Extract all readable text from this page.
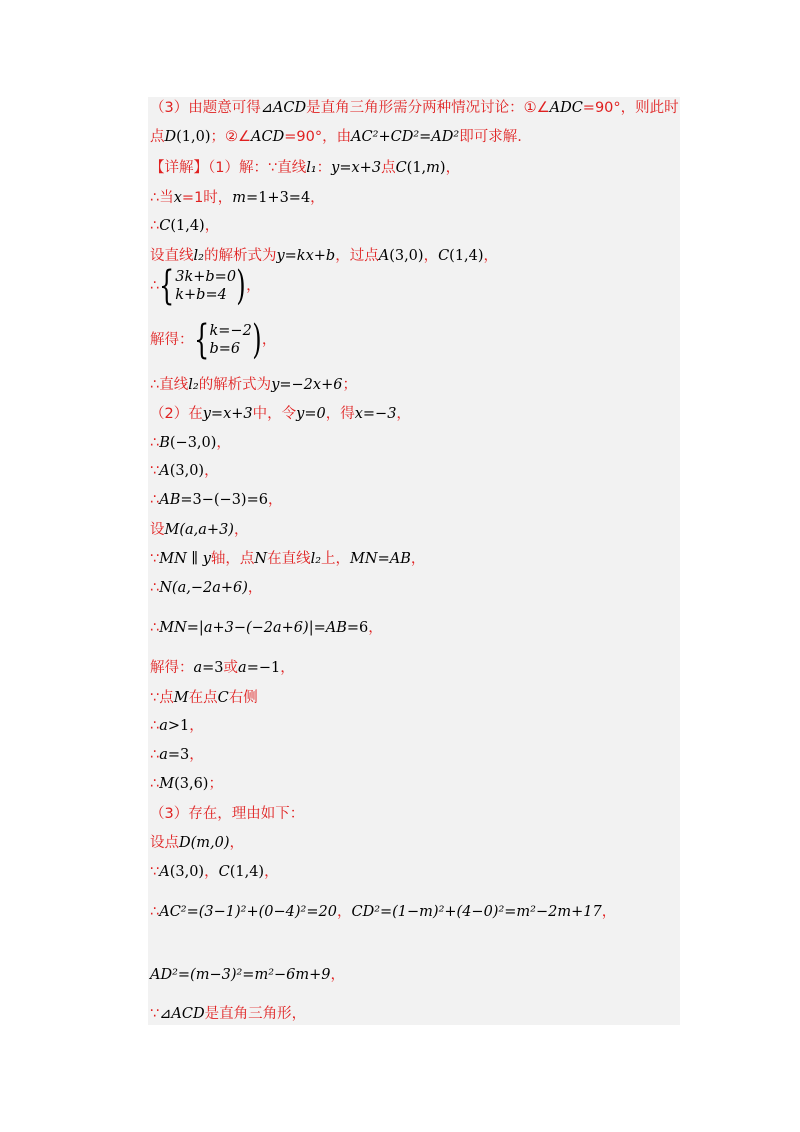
（3）由题意可得⊿ACD是直角三角形需分两种情况讨论：①∠ADC=90°，则此时
点D(1,0)；②∠ACD=90°，由AC²+CD²=AD²即可求解.
【详解】（1）解：∵直线l₁：y=x+3点C(1,m)，
∴当x=1时，m=1+3=4，
∴C(1,4)，
设直线l₂的解析式为y=kx+b，过点A(3,0)，C(1,4)，
∴ { 3k+b=0
k+b=4 ) ，
解得： { k=−2
b=6 ) ，
∴直线l₂的解析式为y=−2x+6；
（2）在y=x+3中，令y=0，得x=−3，
∴B(−3,0)，
∵A(3,0)，
∴AB=3−(−3)=6，
设M(a,a+3)，
∵MN ∥ y轴，点N在直线l₂上，MN=AB，
∴N(a,−2a+6)，
∴MN=|a+3−(−2a+6)|=AB=6，
解得：a=3或a=−1，
∵点M在点C右侧
∴a>1，
∴a=3，
∴M(3,6)；
（3）存在，理由如下：
设点D(m,0)，
∵A(3,0)，C(1,4)，
∴AC²=(3−1)²+(0−4)²=20，CD²=(1−m)²+(4−0)²=m²−2m+17，
AD²=(m−3)²=m²−6m+9，
∵⊿ACD是直角三角形，
